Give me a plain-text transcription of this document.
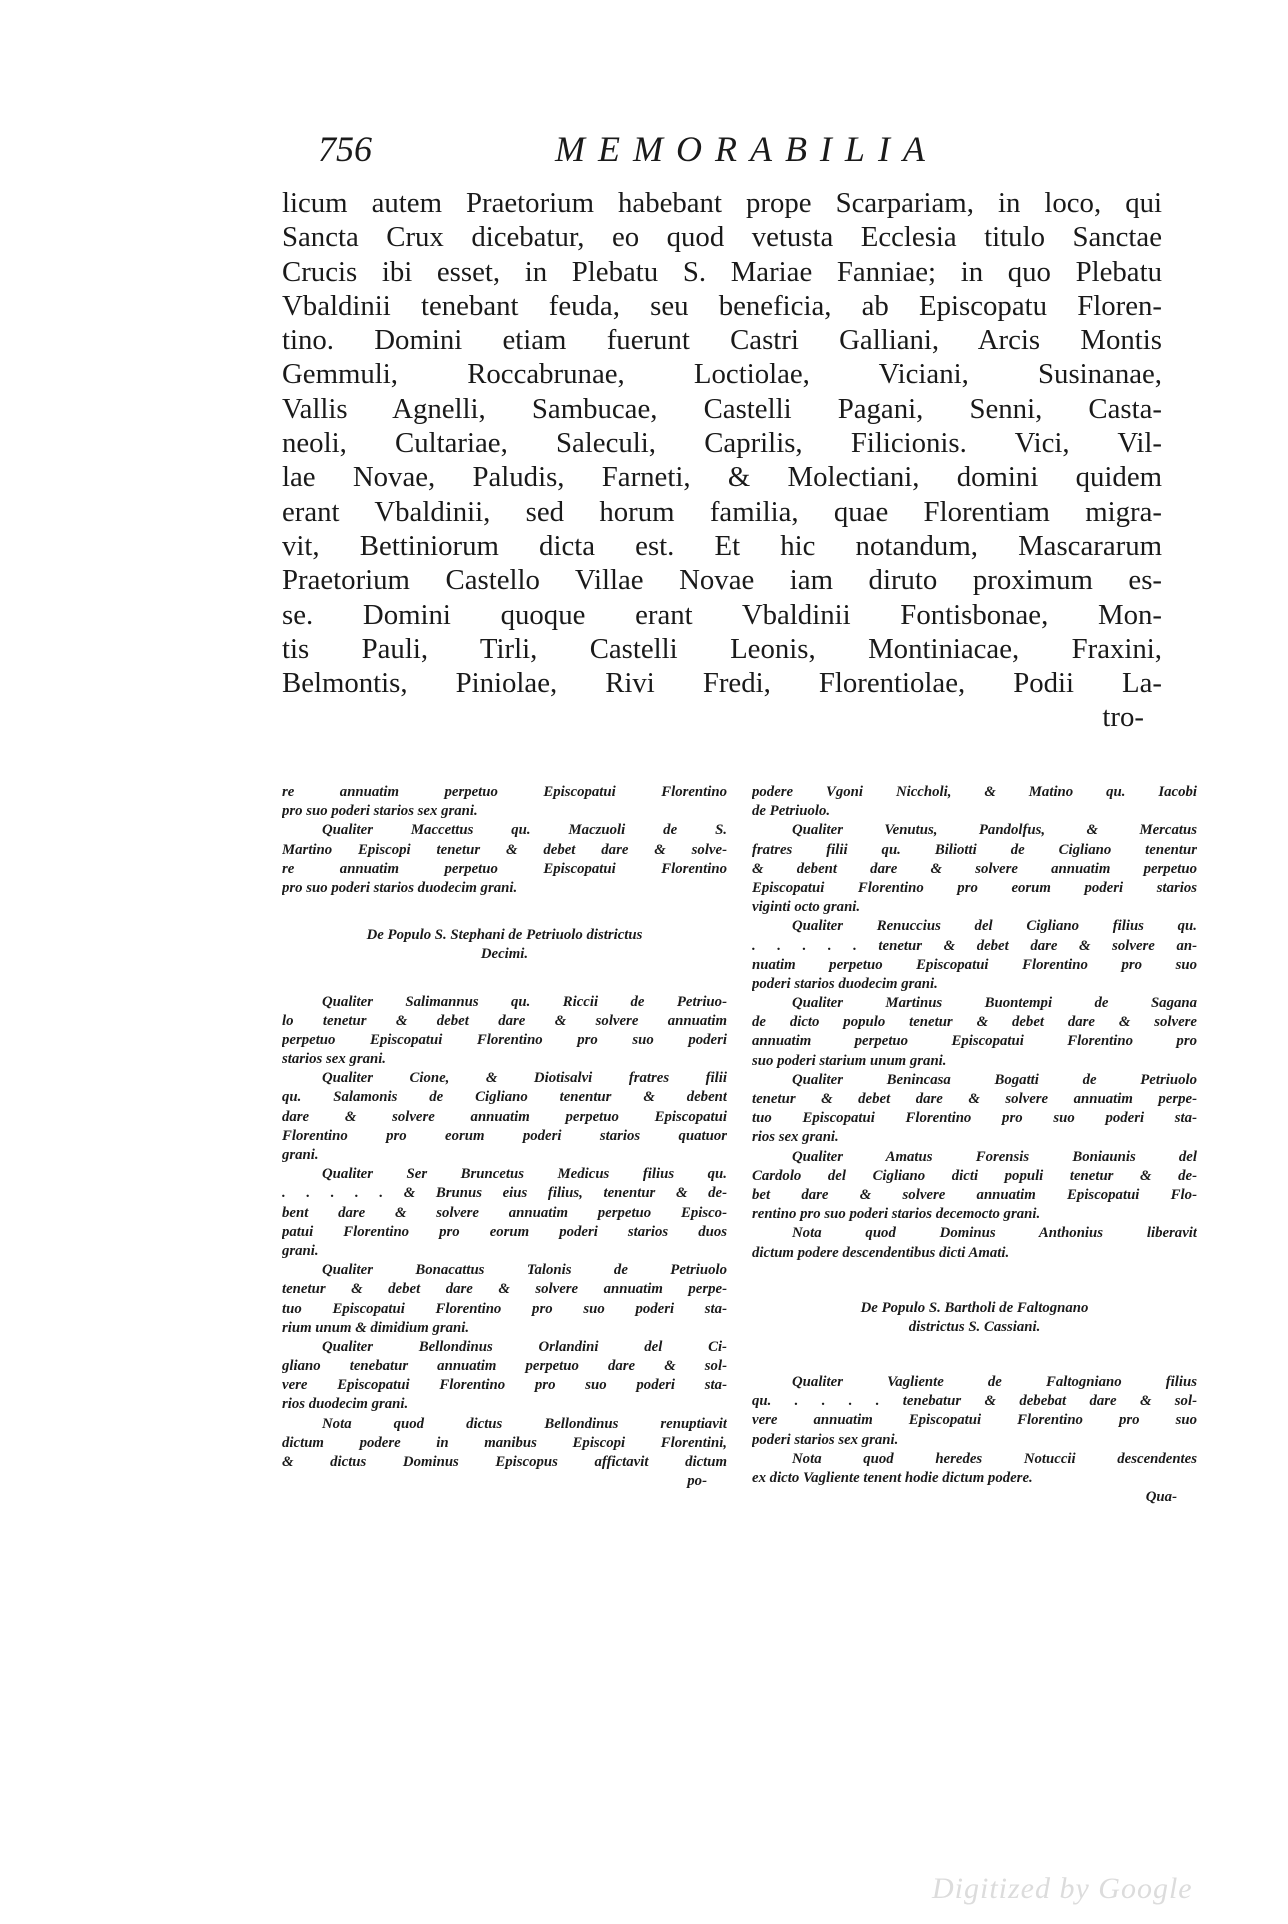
756	MEMORABILIA
licum autem Praetorium habebant prope Scarpariam, in loco, qui
Sancta Crux dicebatur, eo quod vetusta Ecclesia titulo Sanctae
Crucis ibi esset, in Plebatu S. Mariae Fanniae; in quo Plebatu
Vbaldinii tenebant feuda, seu beneficia, ab Episcopatu Floren-
tino. Domini etiam fuerunt Castri Galliani, Arcis Montis
Gemmuli, Roccabrunae, Loctiolae, Viciani, Susinanae,
Vallis Agnelli, Sambucae, Castelli Pagani, Senni, Casta-
neoli, Cultariae, Saleculi, Caprilis, Filicionis. Vici, Vil-
lae Novae, Paludis, Farneti, & Molectiani, domini quidem
erant Vbaldinii, sed horum familia, quae Florentiam migra-
vit, Bettiniorum dicta est. Et hic notandum, Mascararum
Praetorium Castello Villae Novae iam diruto proximum es-
se. Domini quoque erant Vbaldinii Fontisbonae, Mon-
tis Pauli, Tirli, Castelli Leonis, Montiniacae, Fraxini,
Belmontis, Piniolae, Rivi Fredi, Florentiolae, Podii La-
tro-
re annuatim perpetuo Episcopatui Florentino
pro suo poderi starios sex grani.
Qualiter Maccettus qu. Maczuoli de S.
Martino Episcopi tenetur & debet dare & solve-
re annuatim perpetuo Episcopatui Florentino
pro suo poderi starios duodecim grani.
De Populo S. Stephani de Petriuolo districtus
Decimi.
Qualiter Salimannus qu. Riccii de Petriuo-
lo tenetur & debet dare & solvere annuatim
perpetuo Episcopatui Florentino pro suo poderi
starios sex grani.
Qualiter Cione, & Diotisalvi fratres filii
qu. Salamonis de Cigliano tenentur & debent
dare & solvere annuatim perpetuo Episcopatui
Florentino pro eorum poderi starios quatuor
grani.
Qualiter Ser Bruncetus Medicus filius qu.
. . . . . & Brunus eius filius, tenentur & de-
bent dare & solvere annuatim perpetuo Episco-
patui Florentino pro eorum poderi starios duos
grani.
Qualiter Bonacattus Talonis de Petriuolo
tenetur & debet dare & solvere annuatim perpe-
tuo Episcopatui Florentino pro suo poderi sta-
rium unum & dimidium grani.
Qualiter Bellondinus Orlandini del Ci-
gliano tenebatur annuatim perpetuo dare & sol-
vere Episcopatui Florentino pro suo poderi sta-
rios duodecim grani.
Nota quod dictus Bellondinus renuptiavit
dictum podere in manibus Episcopi Florentini,
& dictus Dominus Episcopus affictavit dictum
po-
podere Vgoni Niccholi, & Matino qu. Iacobi
de Petriuolo.
Qualiter Venutus, Pandolfus, & Mercatus
fratres filii qu. Biliotti de Cigliano tenentur
& debent dare & solvere annuatim perpetuo
Episcopatui Florentino pro eorum poderi starios
viginti octo grani.
Qualiter Renuccius del Cigliano filius qu.
. . . . . tenetur & debet dare & solvere an-
nuatim perpetuo Episcopatui Florentino pro suo
poderi starios duodecim grani.
Qualiter Martinus Buontempi de Sagana
de dicto populo tenetur & debet dare & solvere
annuatim perpetuo Episcopatui Florentino pro
suo poderi starium unum grani.
Qualiter Benincasa Bogatti de Petriuolo
tenetur & debet dare & solvere annuatim perpe-
tuo Episcopatui Florentino pro suo poderi sta-
rios sex grani.
Qualiter Amatus Forensis Boniaunis del
Cardolo del Cigliano dicti populi tenetur & de-
bet dare & solvere annuatim Episcopatui Flo-
rentino pro suo poderi starios decemocto grani.
Nota quod Dominus Anthonius liberavit
dictum podere descendentibus dicti Amati.
De Populo S. Bartholi de Faltognano
districtus S. Cassiani.
Qualiter Vagliente de Faltogniano filius
qu. . . . . tenebatur & debebat dare & sol-
vere annuatim Episcopatui Florentino pro suo
poderi starios sex grani.
Nota quod heredes Notuccii descendentes
ex dicto Vagliente tenent hodie dictum podere.
Qua-
Digitized by Google
